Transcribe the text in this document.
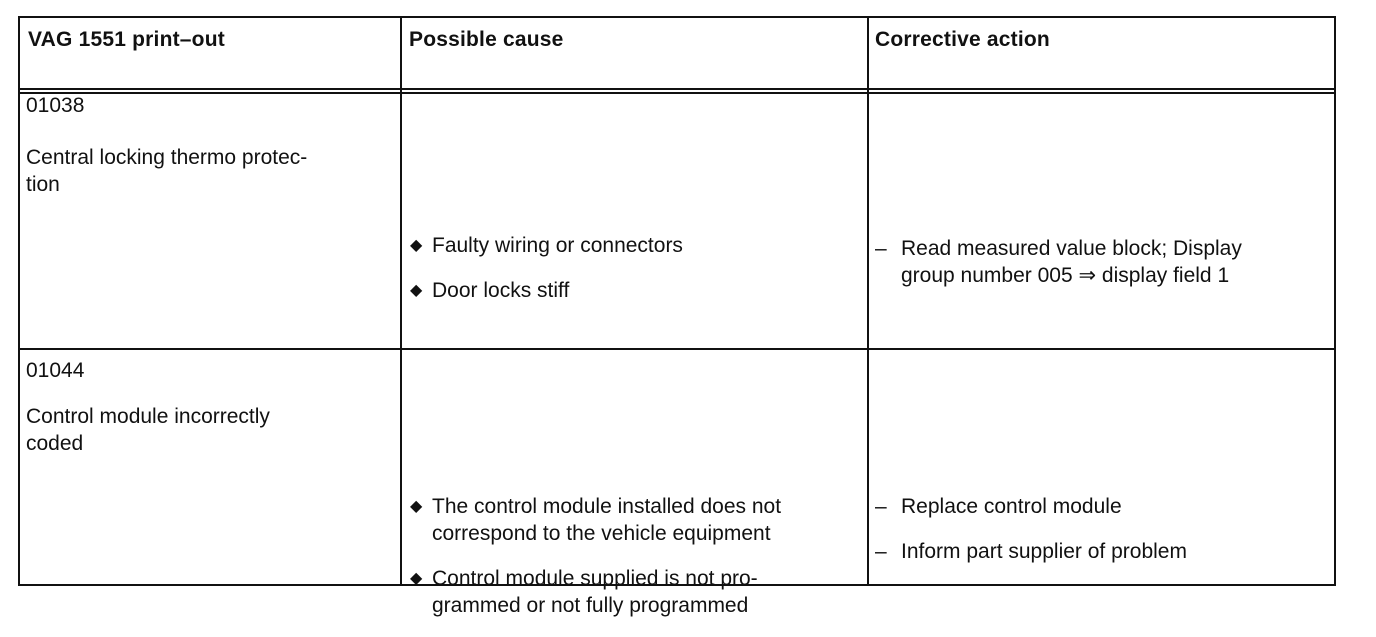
VAG 1551 print–out	Possible cause	Corrective action
01038
Central locking thermo protec-
tion

◆ Faulty wiring or connectors

◆ Door locks stiff

– Read measured value block; Display
group number 005 ⇒ display field 1

01044
Control module incorrectly
coded

◆ The control module installed does not
correspond to the vehicle equipment

◆ Control module supplied is not pro-
grammed or not fully programmed

– Replace control module

– Inform part supplier of problem
